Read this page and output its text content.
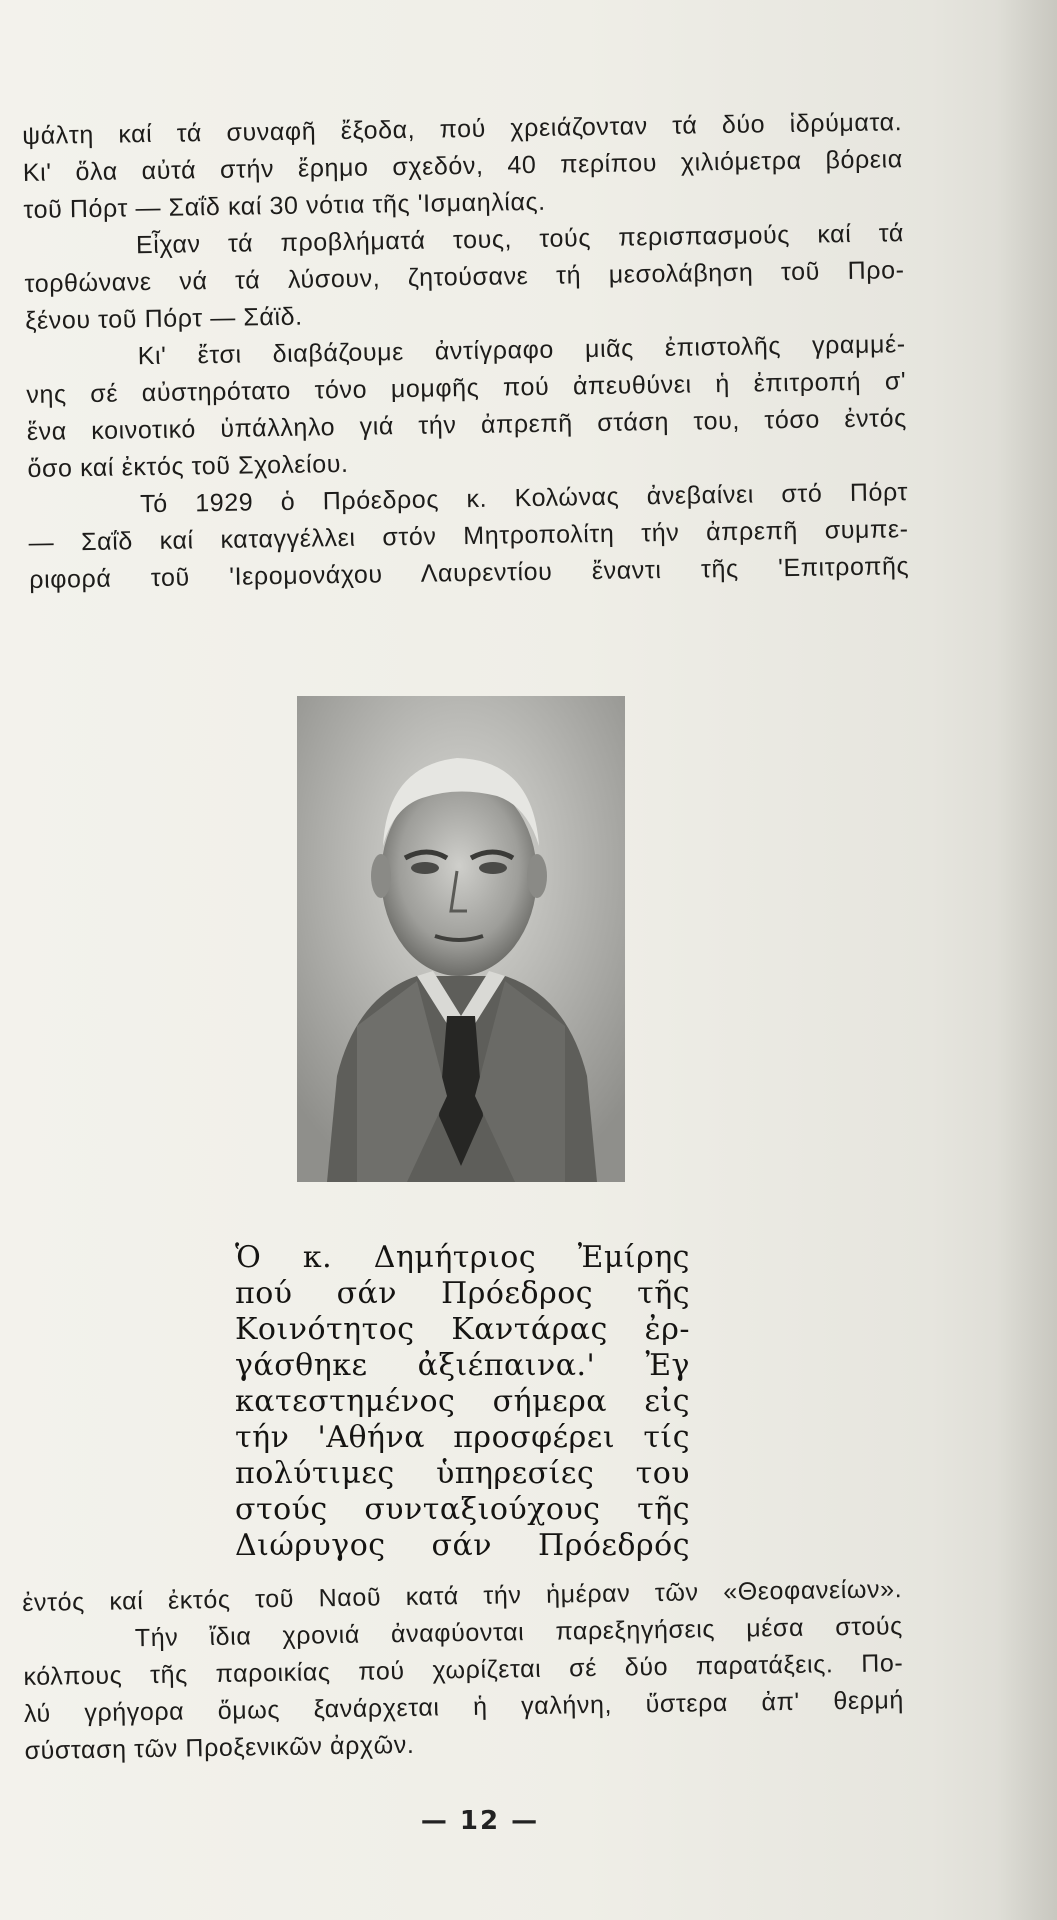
ψάλτη καί τά συναφῆ ἔξοδα, πού χρειάζονταν τά δύο ἱδρύματα.
Κι' ὅλα αὐτά στήν ἔρημο σχεδόν, 40 περίπου χιλιόμετρα βόρεια
τοῦ Πόρτ — Σαΐδ καί 30 νότια τῆς 'Ισμαηλίας.
Εἶχαν τά προβλήματά τους, τούς περισπασμούς καί τά
τορθώνανε νά τά λύσουν, ζητούσανε τή μεσολάβηση τοῦ Προ-
ξένου τοῦ Πόρτ — Σάϊδ.
Κι' ἔτσι διαβάζουμε ἀντίγραφο μιᾶς ἐπιστολῆς γραμμέ-
νης σέ αὐστηρότατο τόνο μομφῆς πού ἀπευθύνει ἡ ἐπιτροπή σ'
ἕνα κοινοτικό ὑπάλληλο γιά τήν ἀπρεπῆ στάση του, τόσο ἐντός
ὅσο καί ἐκτός τοῦ Σχολείου.
Τό 1929 ὁ Πρόεδρος κ. Κολώνας ἀνεβαίνει στό Πόρτ
— Σαΐδ καί καταγγέλλει στόν Μητροπολίτη τήν ἀπρεπῆ συμπε-
ριφορά τοῦ 'Ιερομονάχου Λαυρεντίου ἔναντι τῆς 'Επιτροπῆς
Ὁ κ. Δημήτριος Ἐμίρης
πού σάν Πρόεδρος τῆς
Κοινότητος Καντάρας ἐρ-
γάσθηκε ἀξιέπαινα.' Ἐγ
κατεστημένος σήμερα εἰς
τήν 'Αθήνα προσφέρει τίς
πολύτιμες ὑπηρεσίες του
στούς συνταξιούχους τῆς
Διώρυγος σάν Πρόεδρός
ἐντός καί ἐκτός τοῦ Ναοῦ κατά τήν ἡμέραν τῶν «Θεοφανείων».
Τήν ἴδια χρονιά ἀναφύονται παρεξηγήσεις μέσα στούς
κόλπους τῆς παροικίας πού χωρίζεται σέ δύο παρατάξεις. Πο-
λύ γρήγορα ὅμως ξανάρχεται ἡ γαλήνη, ὕστερα ἀπ' θερμή
σύσταση τῶν Προξενικῶν ἀρχῶν.
— 12 —
